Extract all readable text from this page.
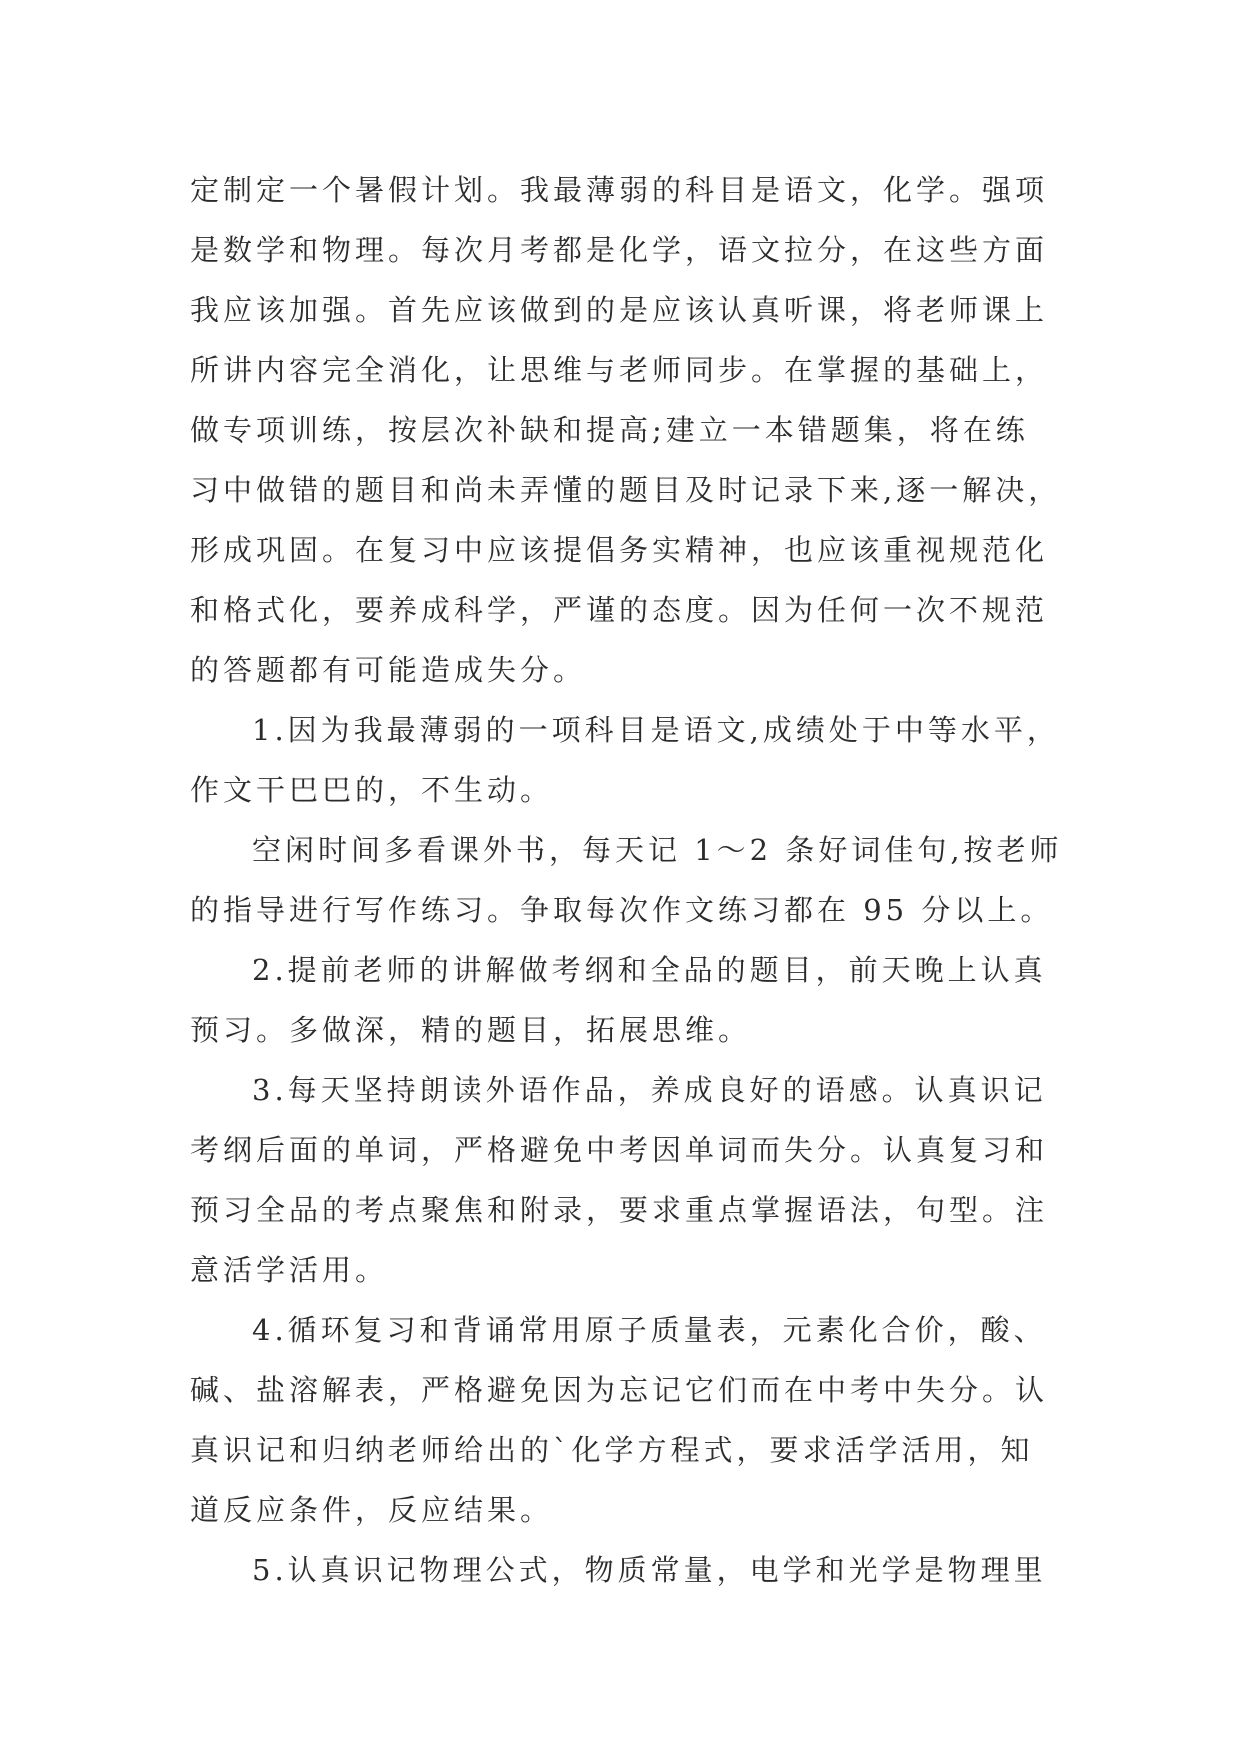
定制定一个暑假计划。我最薄弱的科目是语文，化学。强项
是数学和物理。每次月考都是化学，语文拉分，在这些方面
我应该加强。首先应该做到的是应该认真听课，将老师课上
所讲内容完全消化，让思维与老师同步。在掌握的基础上，
做专项训练，按层次补缺和提高;建立一本错题集，将在练
习中做错的题目和尚未弄懂的题目及时记录下来,逐一解决，
形成巩固。在复习中应该提倡务实精神，也应该重视规范化
和格式化，要养成科学，严谨的态度。因为任何一次不规范
的答题都有可能造成失分。
1.因为我最薄弱的一项科目是语文,成绩处于中等水平，
作文干巴巴的，不生动。
空闲时间多看课外书，每天记 1～2 条好词佳句,按老师
的指导进行写作练习。争取每次作文练习都在 95 分以上。
2.提前老师的讲解做考纲和全品的题目，前天晚上认真
预习。多做深，精的题目，拓展思维。
3.每天坚持朗读外语作品，养成良好的语感。认真识记
考纲后面的单词，严格避免中考因单词而失分。认真复习和
预习全品的考点聚焦和附录，要求重点掌握语法，句型。注
意活学活用。
4.循环复习和背诵常用原子质量表，元素化合价，酸、
碱、盐溶解表，严格避免因为忘记它们而在中考中失分。认
真识记和归纳老师给出的`化学方程式，要求活学活用，知
道反应条件，反应结果。
5.认真识记物理公式，物质常量，电学和光学是物理里
